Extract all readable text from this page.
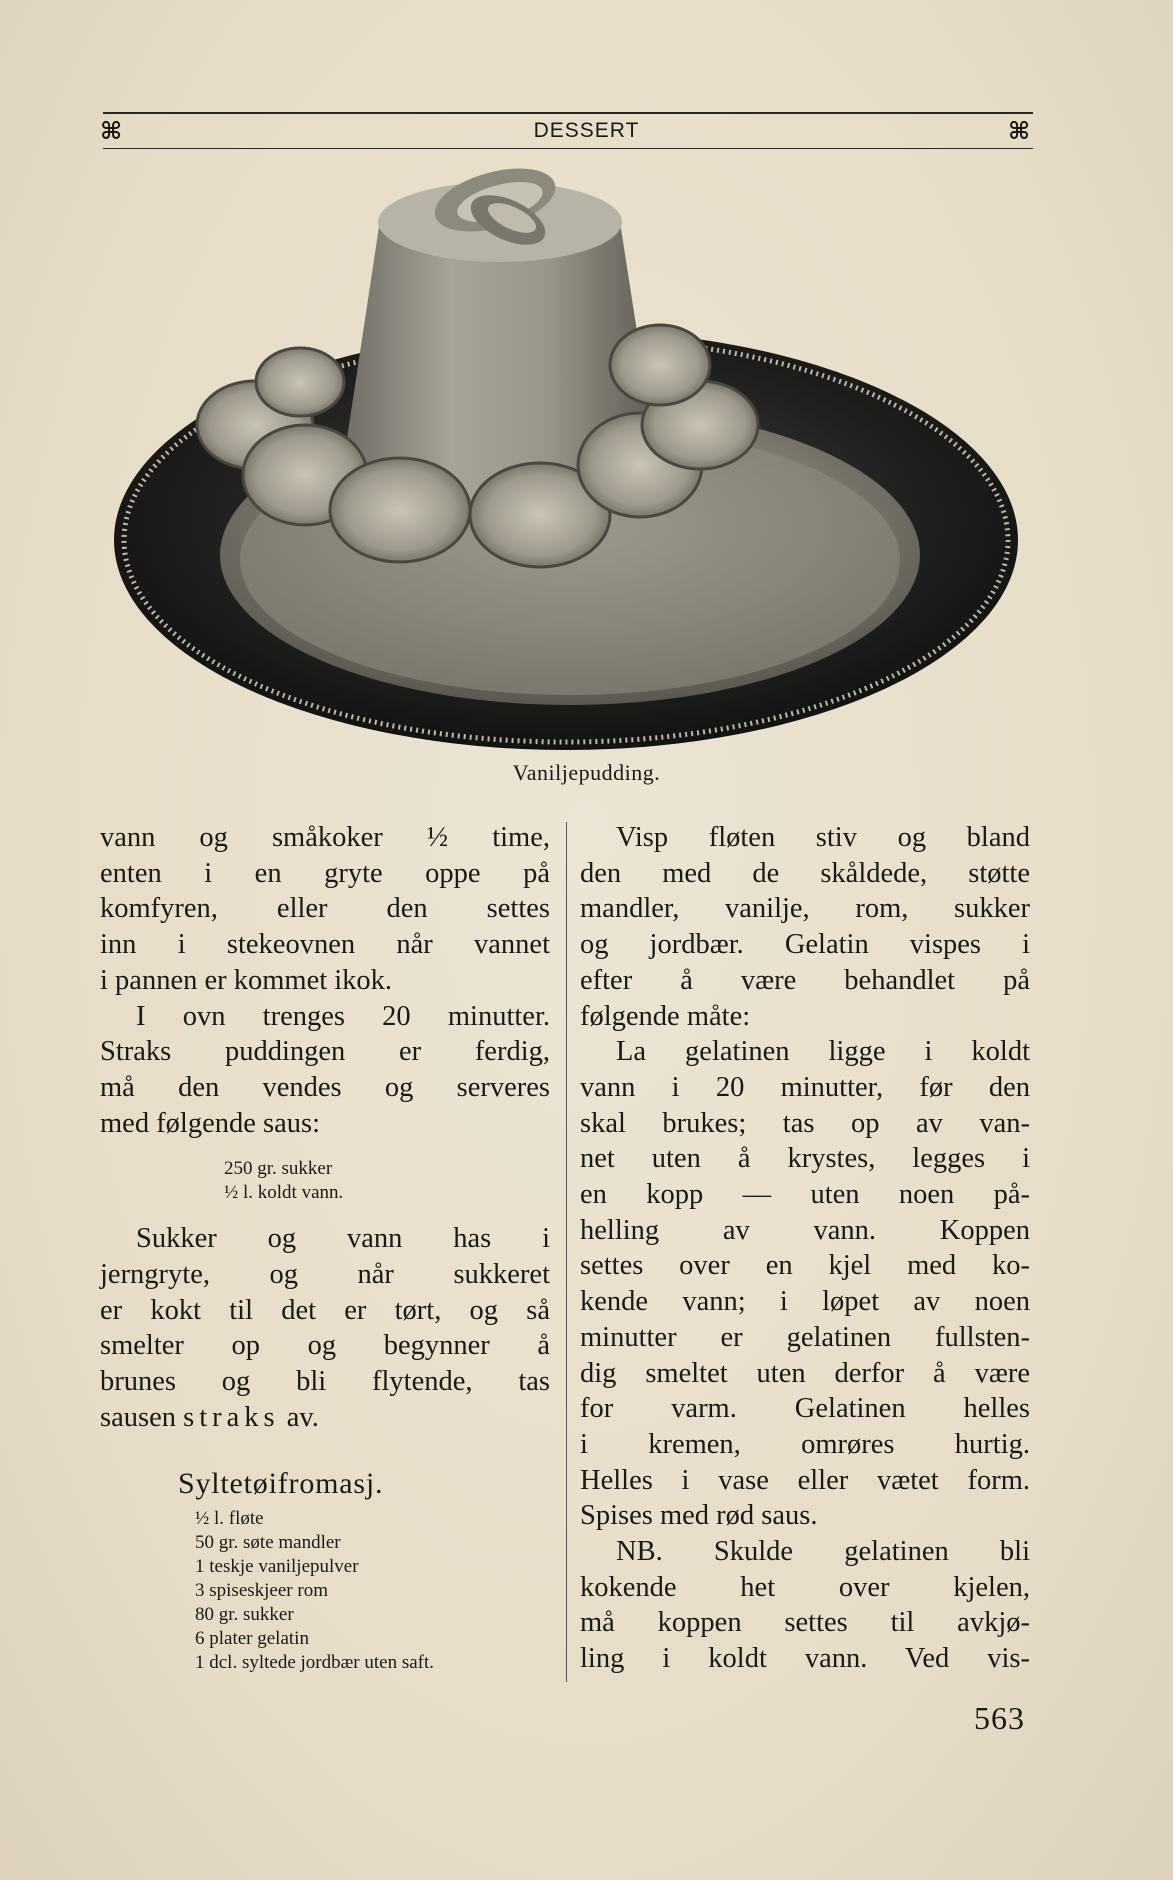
⌘	DESSERT	⌘
Vaniljepudding.
vann og småkoker ½ time,
enten i en gryte oppe på
komfyren, eller den settes
inn i stekeovnen når vannet
i pannen er kommet ikok.
I ovn trenges 20 minutter.
Straks puddingen er ferdig,
må den vendes og serveres
med følgende saus:
250 gr. sukker
½ l. koldt vann.
Sukker og vann has i
jerngryte, og når sukkeret
er kokt til det er tørt, og så
smelter op og begynner å
brunes og bli flytende, tas
sausen straks av.
Syltetøifromasj.
½ l. fløte
50 gr. søte mandler
1 teskje vaniljepulver
3 spiseskjeer rom
80 gr. sukker
6 plater gelatin
1 dcl. syltede jordbær uten saft.
Visp fløten stiv og bland
den med de skåldede, støtte
mandler, vanilje, rom, sukker
og jordbær. Gelatin vispes i
efter å være behandlet på
følgende måte:
La gelatinen ligge i koldt
vann i 20 minutter, før den
skal brukes; tas op av van-
net uten å krystes, legges i
en kopp — uten noen på-
helling av vann. Koppen
settes over en kjel med ko-
kende vann; i løpet av noen
minutter er gelatinen fullsten-
dig smeltet uten derfor å være
for varm. Gelatinen helles
i kremen, omrøres hurtig.
Helles i vase eller vætet form.
Spises med rød saus.
NB. Skulde gelatinen bli
kokende het over kjelen,
må koppen settes til avkjø-
ling i koldt vann. Ved vis-
563
